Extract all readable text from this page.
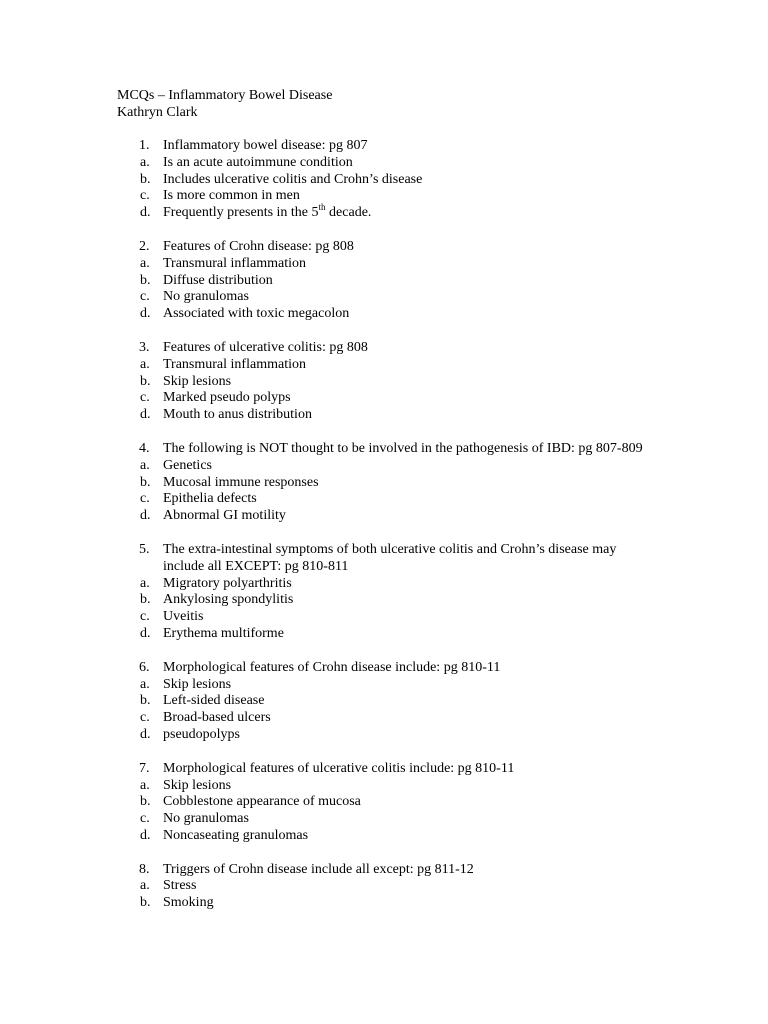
MCQs – Inflammatory Bowel Disease
Kathryn Clark
1. Inflammatory bowel disease: pg 807
a. Is an acute autoimmune condition
b. Includes ulcerative colitis and Crohn’s disease
c. Is more common in men
d. Frequently presents in the 5th decade.
2. Features of Crohn disease: pg 808
a. Transmural inflammation
b. Diffuse distribution
c. No granulomas
d. Associated with toxic megacolon
3. Features of ulcerative colitis: pg 808
a. Transmural inflammation
b. Skip lesions
c. Marked pseudo polyps
d. Mouth to anus distribution
4. The following is NOT thought to be involved in the pathogenesis of IBD: pg 807-809
a. Genetics
b. Mucosal immune responses
c. Epithelia defects
d. Abnormal GI motility
5. The extra-intestinal symptoms of both ulcerative colitis and Crohn’s disease may include all EXCEPT: pg 810-811
a. Migratory polyarthritis
b. Ankylosing spondylitis
c. Uveitis
d. Erythema multiforme
6. Morphological features of Crohn disease include: pg 810-11
a. Skip lesions
b. Left-sided disease
c. Broad-based ulcers
d. pseudopolyps
7. Morphological features of ulcerative colitis include: pg 810-11
a. Skip lesions
b. Cobblestone appearance of mucosa
c. No granulomas
d. Noncaseating granulomas
8. Triggers of Crohn disease include all except: pg 811-12
a. Stress
b. Smoking
